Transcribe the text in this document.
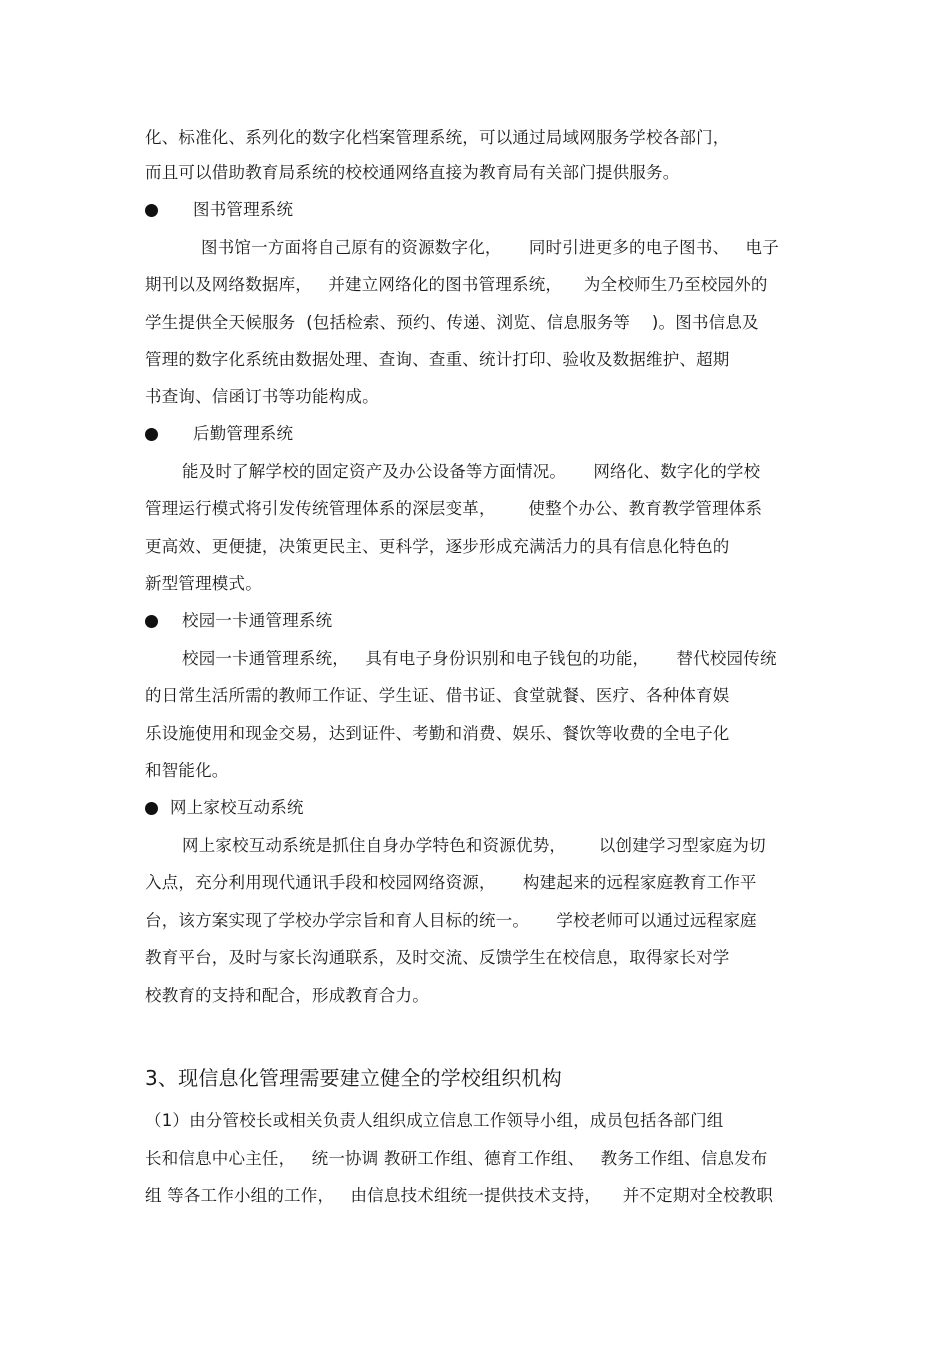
化、标准化、系列化的数字化档案管理系统，可以通过局域网服务学校各部门，
而且可以借助教育局系统的校校通网络直接为教育局有关部门提供服务。
图书管理系统
图书馆一方面将自己原有的资源数字化，     同时引进更多的电子图书、   电子
期刊以及网络数据库，   并建立网络化的图书管理系统，    为全校师生乃至校园外的
学生提供全天候服务  (包括检索、预约、传递、浏览、信息服务等    )。图书信息及
管理的数字化系统由数据处理、查询、查重、统计打印、验收及数据维护、超期
书查询、信函订书等功能构成。
后勤管理系统
能及时了解学校的固定资产及办公设备等方面情况。     网络化、数字化的学校
管理运行模式将引发传统管理体系的深层变革，      使整个办公、教育教学管理体系
更高效、更便捷，决策更民主、更科学，逐步形成充满活力的具有信息化特色的
新型管理模式。
校园一卡通管理系统
校园一卡通管理系统，   具有电子身份识别和电子钱包的功能，     替代校园传统
的日常生活所需的教师工作证、学生证、借书证、食堂就餐、医疗、各种体育娱
乐设施使用和现金交易，达到证件、考勤和消费、娱乐、餐饮等收费的全电子化
和智能化。
网上家校互动系统
网上家校互动系统是抓住自身办学特色和资源优势，      以创建学习型家庭为切
入点，充分利用现代通讯手段和校园网络资源，     构建起来的远程家庭教育工作平
台，该方案实现了学校办学宗旨和育人目标的统一。     学校老师可以通过远程家庭
教育平台，及时与家长沟通联系，及时交流、反馈学生在校信息，取得家长对学
校教育的支持和配合，形成教育合力。
3、现信息化管理需要建立健全的学校组织机构
（1）由分管校长或相关负责人组织成立信息工作领导小组，成员包括各部门组
长和信息中心主任，   统一协调 教研工作组、德育工作组、   教务工作组、信息发布
组 等各工作小组的工作，   由信息技术组统一提供技术支持，    并不定期对全校教职
